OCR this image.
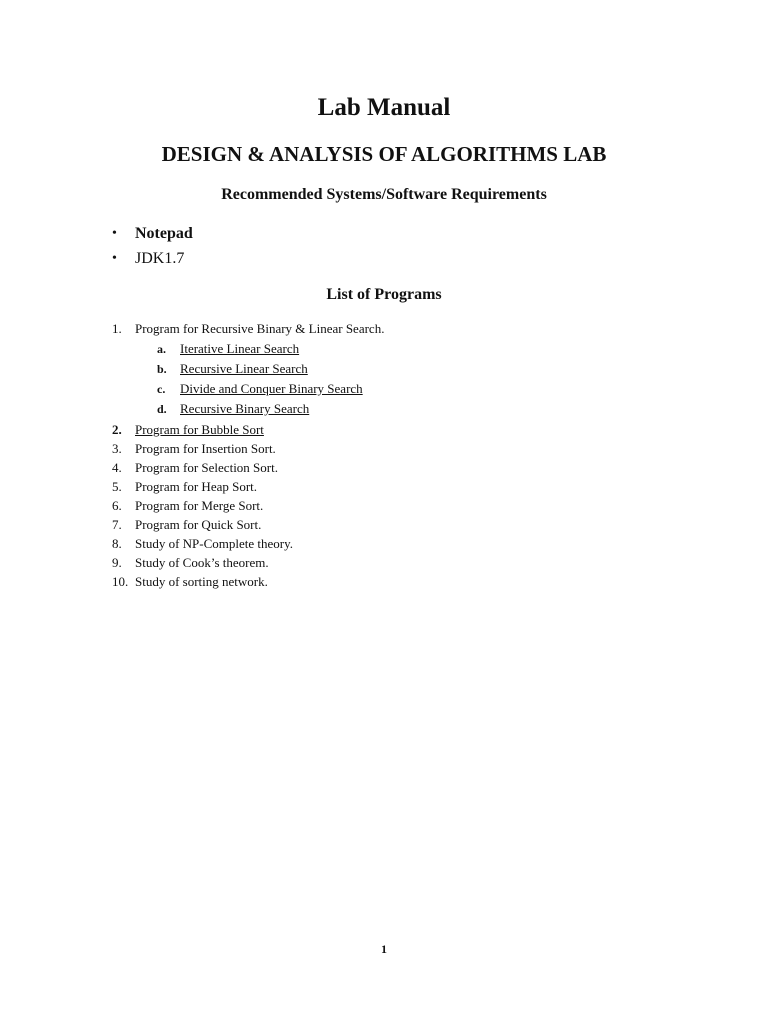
Lab Manual
DESIGN & ANALYSIS OF ALGORITHMS LAB
Recommended Systems/Software Requirements
•	Notepad
•	JDK1.7
List of Programs
1.	Program for Recursive Binary & Linear Search.
a.	Iterative Linear Search
b.	Recursive Linear Search
c.	Divide and Conquer Binary Search
d.	Recursive Binary Search
2.	Program for Bubble Sort
3.	Program for Insertion Sort.
4.	Program for Selection Sort.
5.	Program for Heap Sort.
6.	Program for Merge Sort.
7.	Program for Quick Sort.
8.	Study of NP-Complete theory.
9.	Study of Cook’s theorem.
10. Study of sorting network.
1
